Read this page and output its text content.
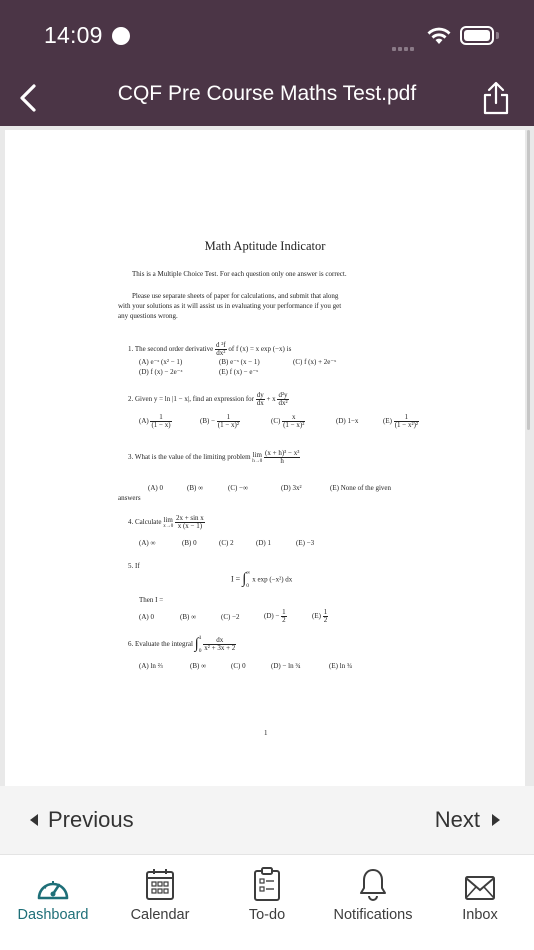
14:09
CQF Pre Course Maths Test.pdf
Math Aptitude Indicator
This is a Multiple Choice Test. For each question only one answer is correct.
Please use separate sheets of paper for calculations, and submit that along
with your solutions as it will assist us in evaluating your performance if you get
any questions wrong.
1. The second order derivative $\frac{\text{d ²f}}{\text{dx²}}$ of f (x) = x exp (−x) is
(A) e⁻ˣ (x² − 1)	(B) e⁻ˣ (x − 1)	(C) f (x) + 2e⁻ˣ
(D) f (x) − 2e⁻ˣ	(E) f (x) − e⁻ˣ
2. Given y = ln |1 − x|, find an expression for $\frac{dy}{dx} + x \frac{\text{d²y}}{\text{dx²}}$
$(A) \frac{1}{(1 - x)}$	$(B) - \frac{1}{\text{(1 − x)²}}$	$(C) \frac{x}{\text{(1 − x)²}}$	(D) 1−x	$(E) \frac{1}{\text{(1 − x²)²}}$
3. What is the value of the limiting problem lim
h→0
$\frac{\text{(x + h)³ − x³}}{h}$
(A) 0	(B) ∞	(C) −∞	(D) 3x²	(E) None of the given
answers
4. Calculate lim
x→0
$\frac{\text{2x + sin x}}{x (x - 1)}$
(A) ∞	(B) 0	(C) 2	(D) 1	(E) −3
5. If
I = ∫ ∞
0
x exp (−x²) dx
Then I =
(A) 0	(B) ∞	(C) −2	$(D) - \frac{1}{2}$	$(E) \frac{1}{2}$
6. Evaluate the integral ∫ 1
0
$\frac{dx}{\text{x² + 3x + 2}}$
(A) ln ⅔	(B) ∞	(C) 0	(D) − ln ¾	(E) ln ¾
1
Previous	Next
Dashboard	Calendar	To-do	Notifications	Inbox
